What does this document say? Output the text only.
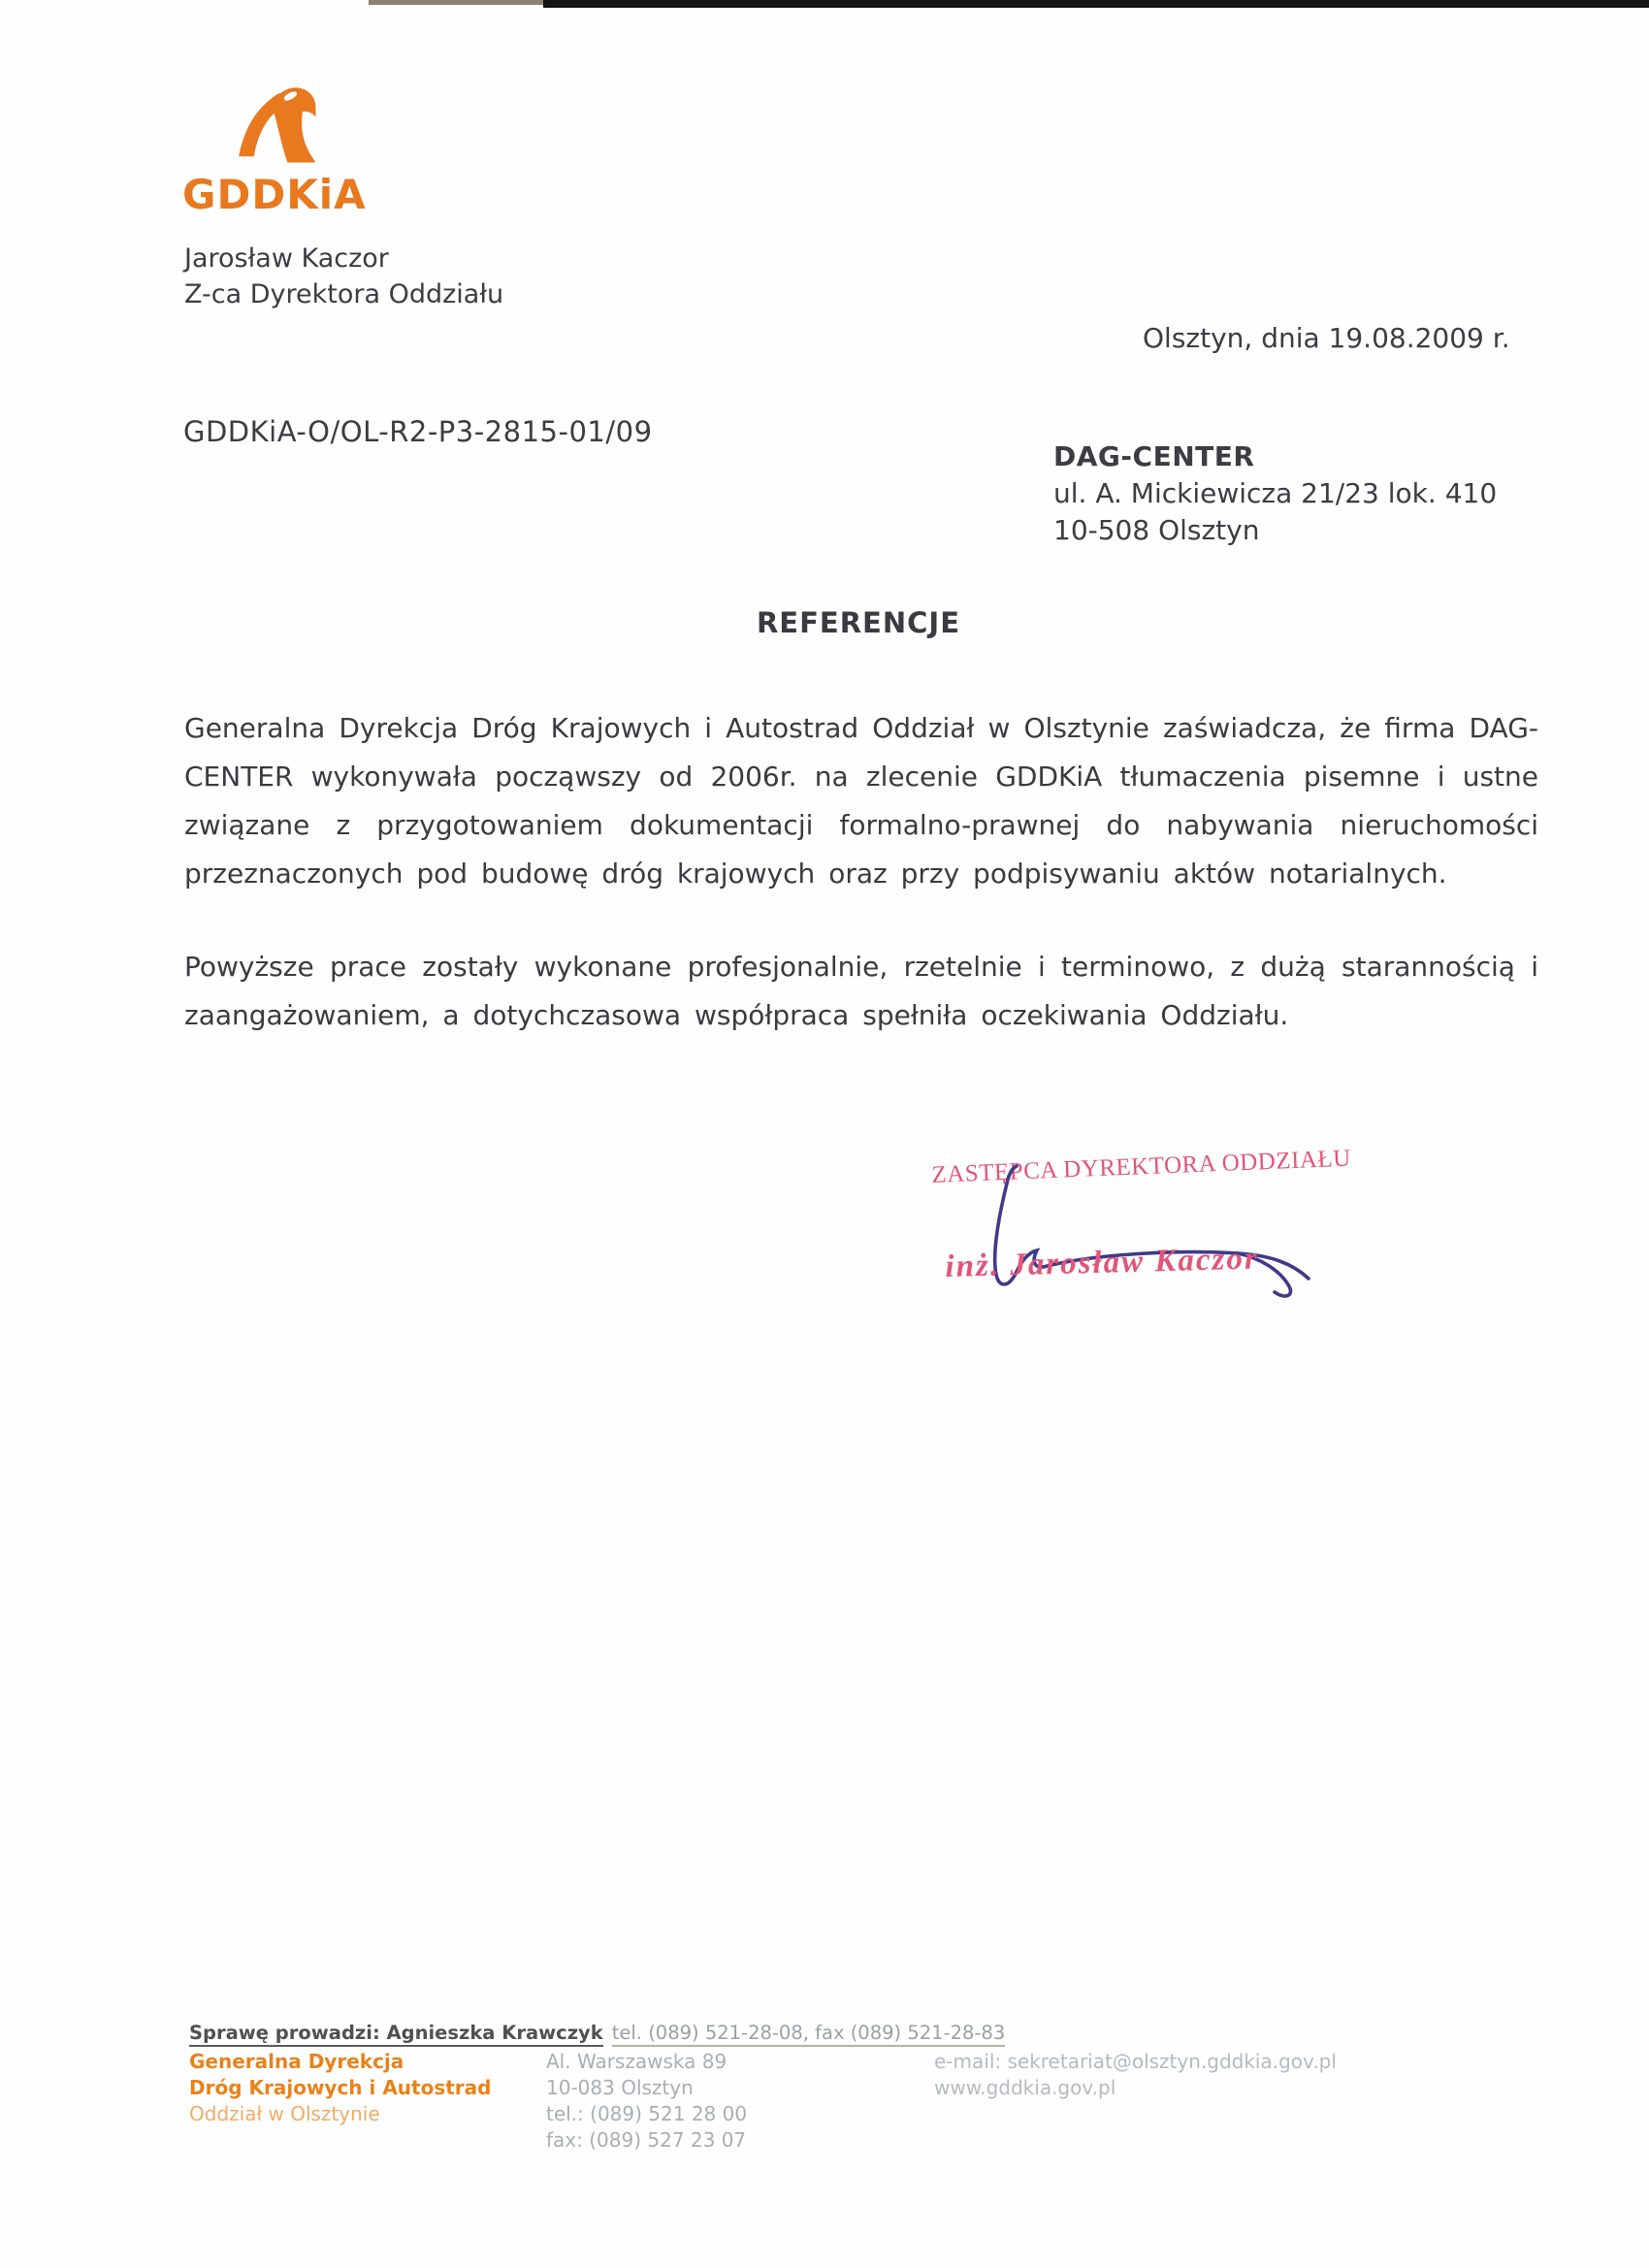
GDDKiA
Jarosław Kaczor
Z-ca Dyrektora Oddziału
Olsztyn, dnia 19.08.2009 r.
GDDKiA-O/OL-R2-P3-2815-01/09
DAG-CENTER
ul. A. Mickiewicza 21/23 lok. 410
10-508 Olsztyn
REFERENCJE
Generalna Dyrekcja Dróg Krajowych i Autostrad Oddział w Olsztynie zaświadcza, że firma DAG-CENTER wykonywała począwszy od 2006r. na zlecenie GDDKiA tłumaczenia pisemne i ustne związane z przygotowaniem dokumentacji formalno-prawnej do nabywania nieruchomości przeznaczonych pod budowę dróg krajowych oraz przy podpisywaniu aktów notarialnych.
Powyższe prace zostały wykonane profesjonalnie, rzetelnie i terminowo, z dużą starannością i zaangażowaniem, a dotychczasowa współpraca spełniła oczekiwania Oddziału.
ZASTĘPCA DYREKTORA ODDZIAŁU
inż. Jarosław Kaczor
Sprawę prowadzi: Agnieszka Krawczyk tel. (089) 521-28-08, fax (089) 521-28-83
Generalna Dyrekcja
Dróg Krajowych i Autostrad
Oddział w Olsztynie
Al. Warszawska 89
10-083 Olsztyn
tel.: (089) 521 28 00
fax: (089) 527 23 07
e-mail: sekretariat@olsztyn.gddkia.gov.pl
www.gddkia.gov.pl
